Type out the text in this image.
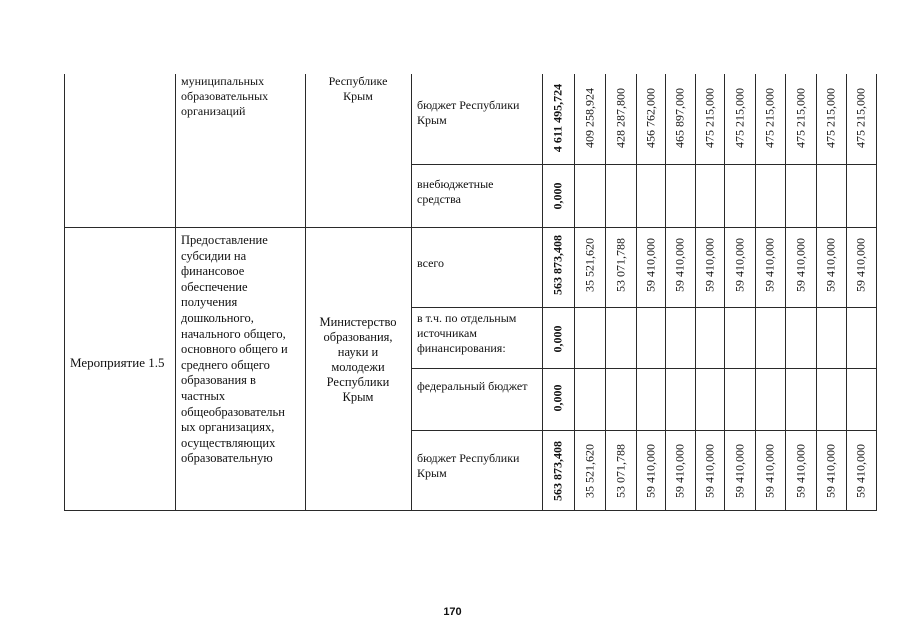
муниципальных образовательных организаций
Республике Крым
бюджет Республики Крым
внебюджетные средства
Мероприятие 1.5
Предоставление субсидии на финансовое обеспечение получения дошкольного, начального общего, основного общего и среднего общего образования в частных общеобразовательн ых организациях, осуществляющих образовательную
Министерство образования, науки и молодежи Республики Крым
всего
в т.ч. по отдельным источникам финансирования:
федеральный бюджет
бюджет Республики Крым
4 611 495,724
0,000
563 873,408
0,000
0,000
563 873,408
409 258,924 428 287,800 456 762,000 465 897,000 475 215,000 475 215,000 475 215,000 475 215,000 475 215,000 475 215,000
35 521,620 53 071,788 59 410,000 59 410,000 59 410,000 59 410,000 59 410,000 59 410,000 59 410,000 59 410,000
35 521,620 53 071,788 59 410,000 59 410,000 59 410,000 59 410,000 59 410,000 59 410,000 59 410,000 59 410,000
170
